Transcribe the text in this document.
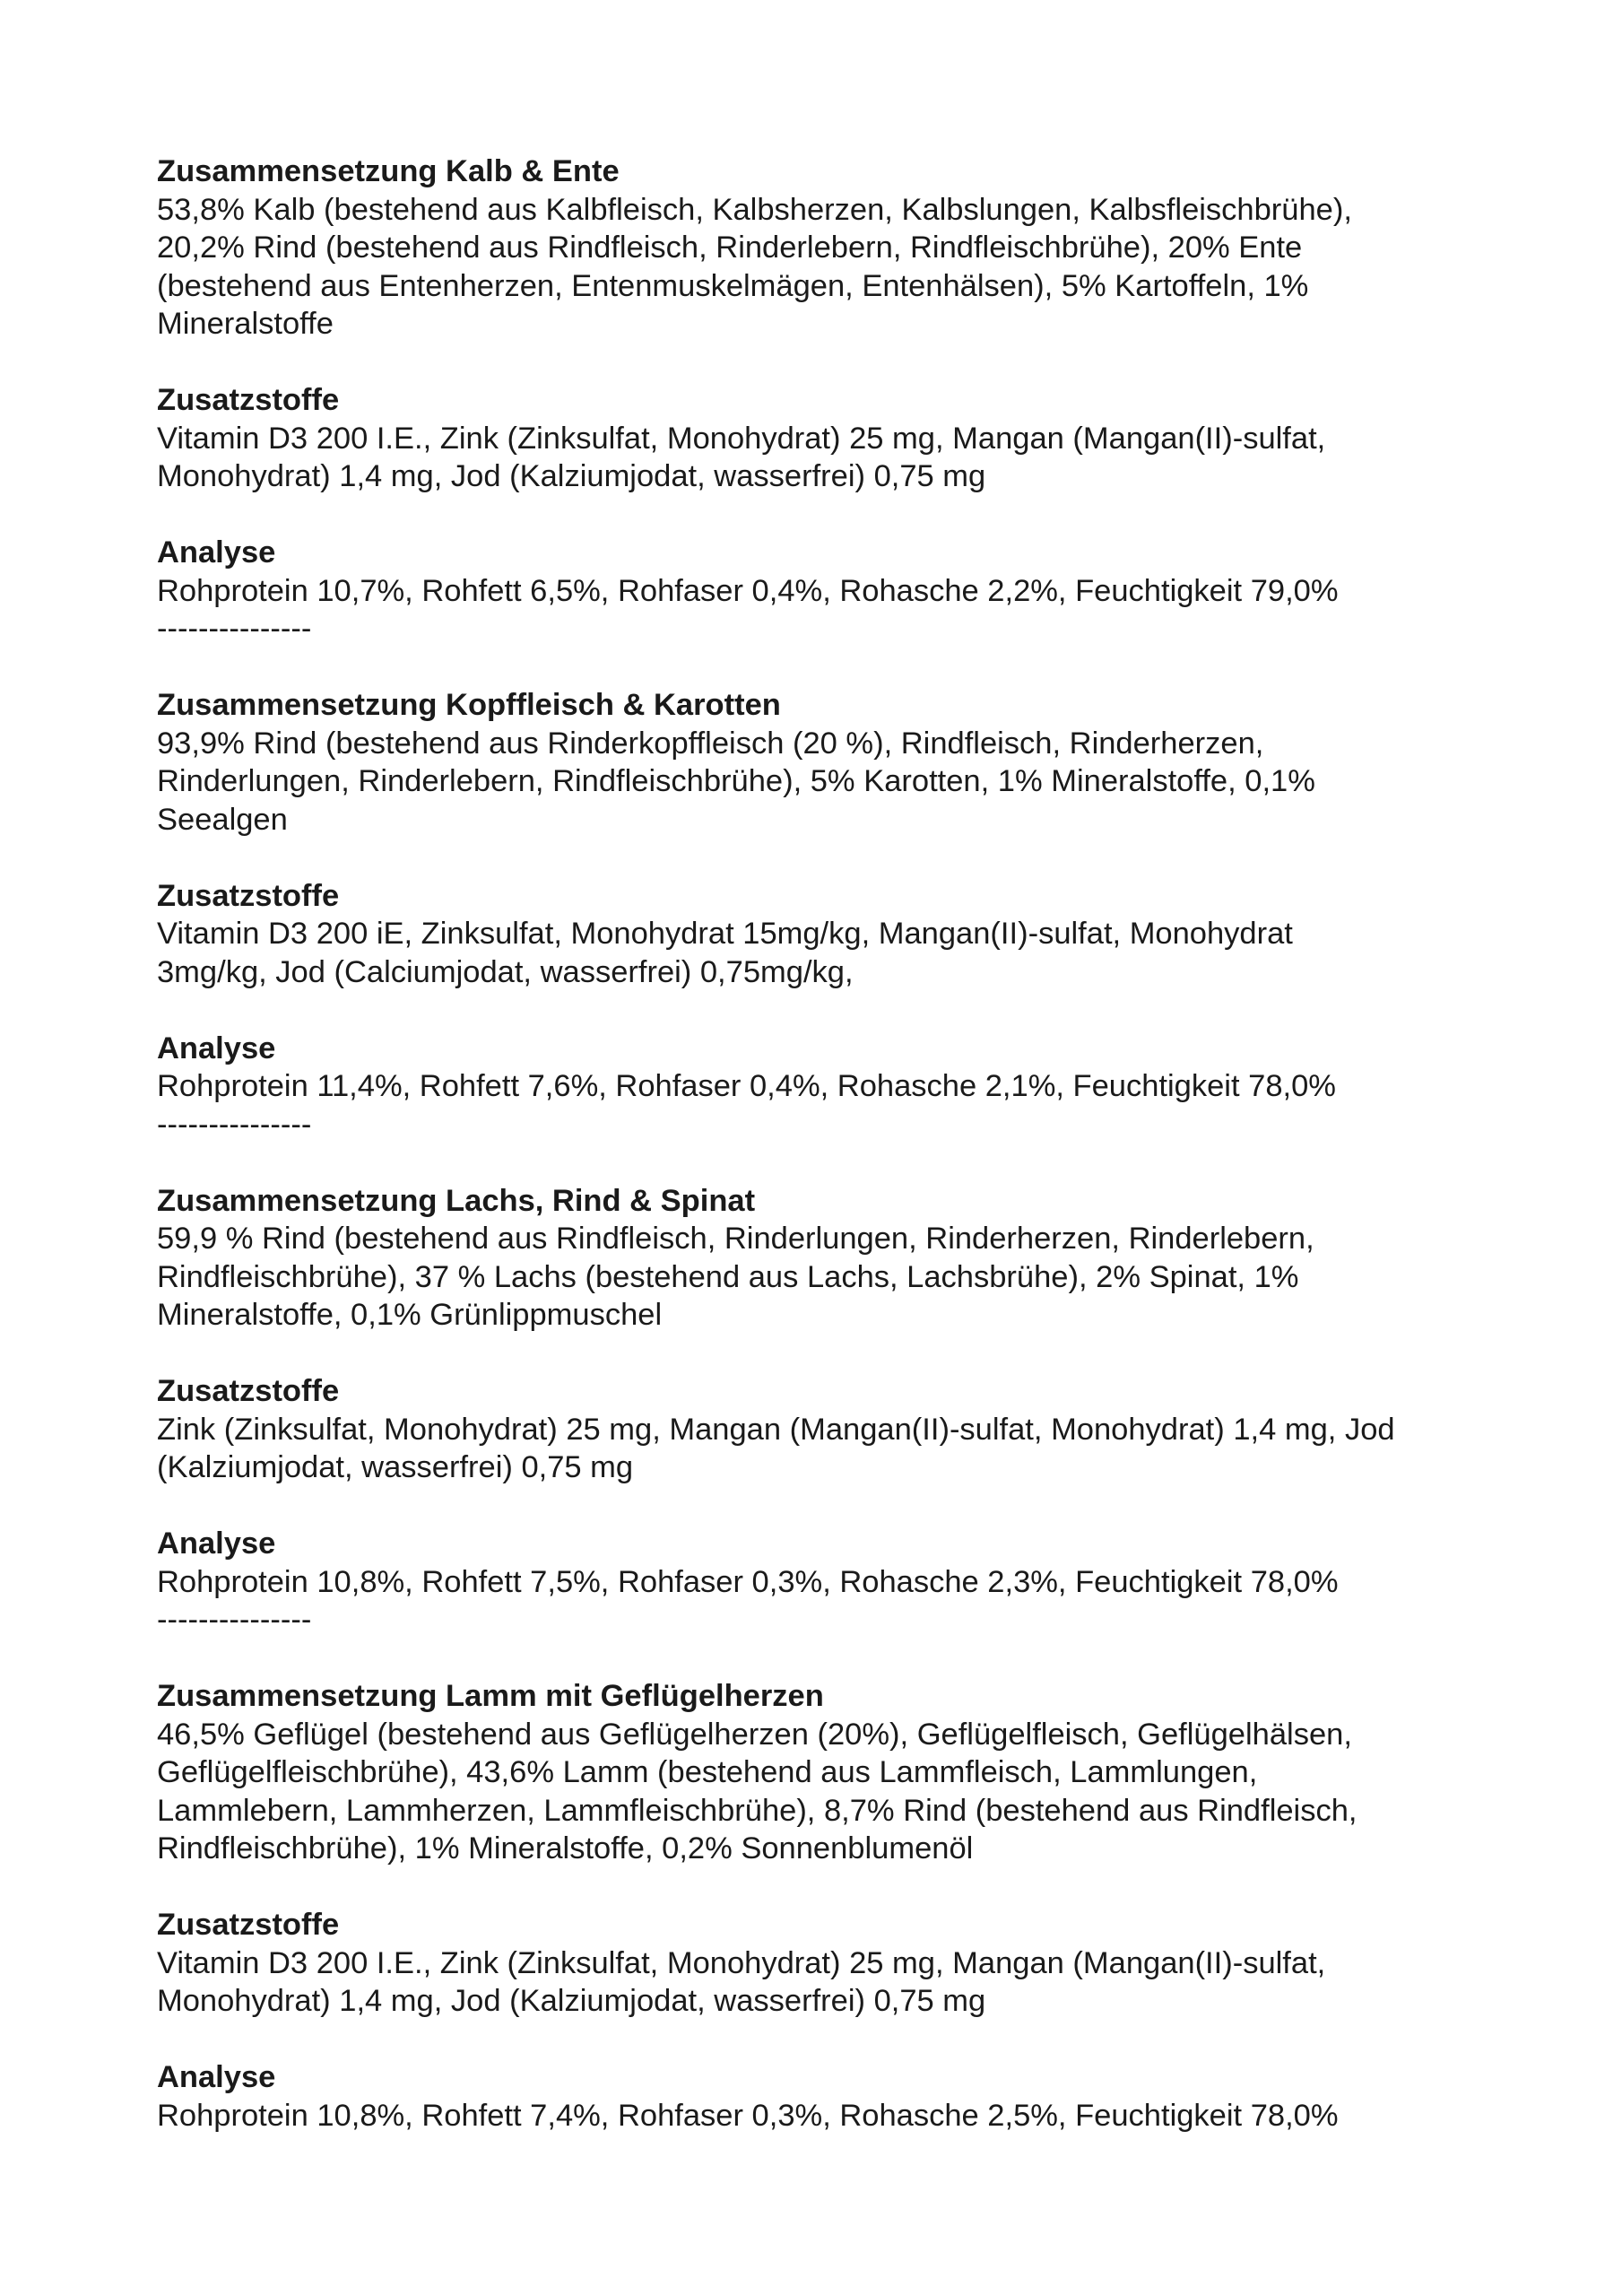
Zusammensetzung Kalb & Ente
53,8% Kalb (bestehend aus Kalbfleisch, Kalbsherzen, Kalbslungen, Kalbsfleischbrühe),
20,2% Rind (bestehend aus Rindfleisch, Rinderlebern, Rindfleischbrühe), 20% Ente
(bestehend aus Entenherzen, Entenmuskelmägen, Entenhälsen), 5% Kartoffeln, 1%
Mineralstoffe
Zusatzstoffe
Vitamin D3 200 I.E., Zink (Zinksulfat, Monohydrat) 25 mg, Mangan (Mangan(II)-sulfat,
Monohydrat) 1,4 mg, Jod (Kalziumjodat, wasserfrei) 0,75 mg
Analyse
Rohprotein 10,7%, Rohfett 6,5%, Rohfaser 0,4%, Rohasche 2,2%, Feuchtigkeit 79,0%
---------------
Zusammensetzung Kopffleisch & Karotten
93,9% Rind (bestehend aus Rinderkopffleisch (20 %), Rindfleisch, Rinderherzen,
Rinderlungen, Rinderlebern, Rindfleischbrühe), 5% Karotten, 1% Mineralstoffe, 0,1%
Seealgen
Zusatzstoffe
Vitamin D3 200 iE, Zinksulfat, Monohydrat 15mg/kg, Mangan(II)-sulfat, Monohydrat
3mg/kg, Jod (Calciumjodat, wasserfrei) 0,75mg/kg,
Analyse
Rohprotein 11,4%, Rohfett 7,6%, Rohfaser 0,4%, Rohasche 2,1%, Feuchtigkeit 78,0%
---------------
Zusammensetzung Lachs, Rind & Spinat
59,9 % Rind (bestehend aus Rindfleisch, Rinderlungen, Rinderherzen, Rinderlebern,
Rindfleischbrühe), 37 % Lachs (bestehend aus Lachs, Lachsbrühe), 2% Spinat, 1%
Mineralstoffe, 0,1% Grünlippmuschel
Zusatzstoffe
Zink (Zinksulfat, Monohydrat) 25 mg, Mangan (Mangan(II)-sulfat, Monohydrat) 1,4 mg, Jod
(Kalziumjodat, wasserfrei) 0,75 mg
Analyse
Rohprotein 10,8%, Rohfett 7,5%, Rohfaser 0,3%, Rohasche 2,3%, Feuchtigkeit 78,0%
---------------
Zusammensetzung Lamm mit Geflügelherzen
46,5% Geflügel (bestehend aus Geflügelherzen (20%), Geflügelfleisch, Geflügelhälsen,
Geflügelfleischbrühe), 43,6% Lamm (bestehend aus Lammfleisch, Lammlungen,
Lammlebern, Lammherzen, Lammfleischbrühe), 8,7% Rind (bestehend aus Rindfleisch,
Rindfleischbrühe), 1% Mineralstoffe, 0,2% Sonnenblumenöl
Zusatzstoffe
Vitamin D3 200 I.E., Zink (Zinksulfat, Monohydrat) 25 mg, Mangan (Mangan(II)-sulfat,
Monohydrat) 1,4 mg, Jod (Kalziumjodat, wasserfrei) 0,75 mg
Analyse
Rohprotein 10,8%, Rohfett 7,4%, Rohfaser 0,3%, Rohasche 2,5%, Feuchtigkeit 78,0%
